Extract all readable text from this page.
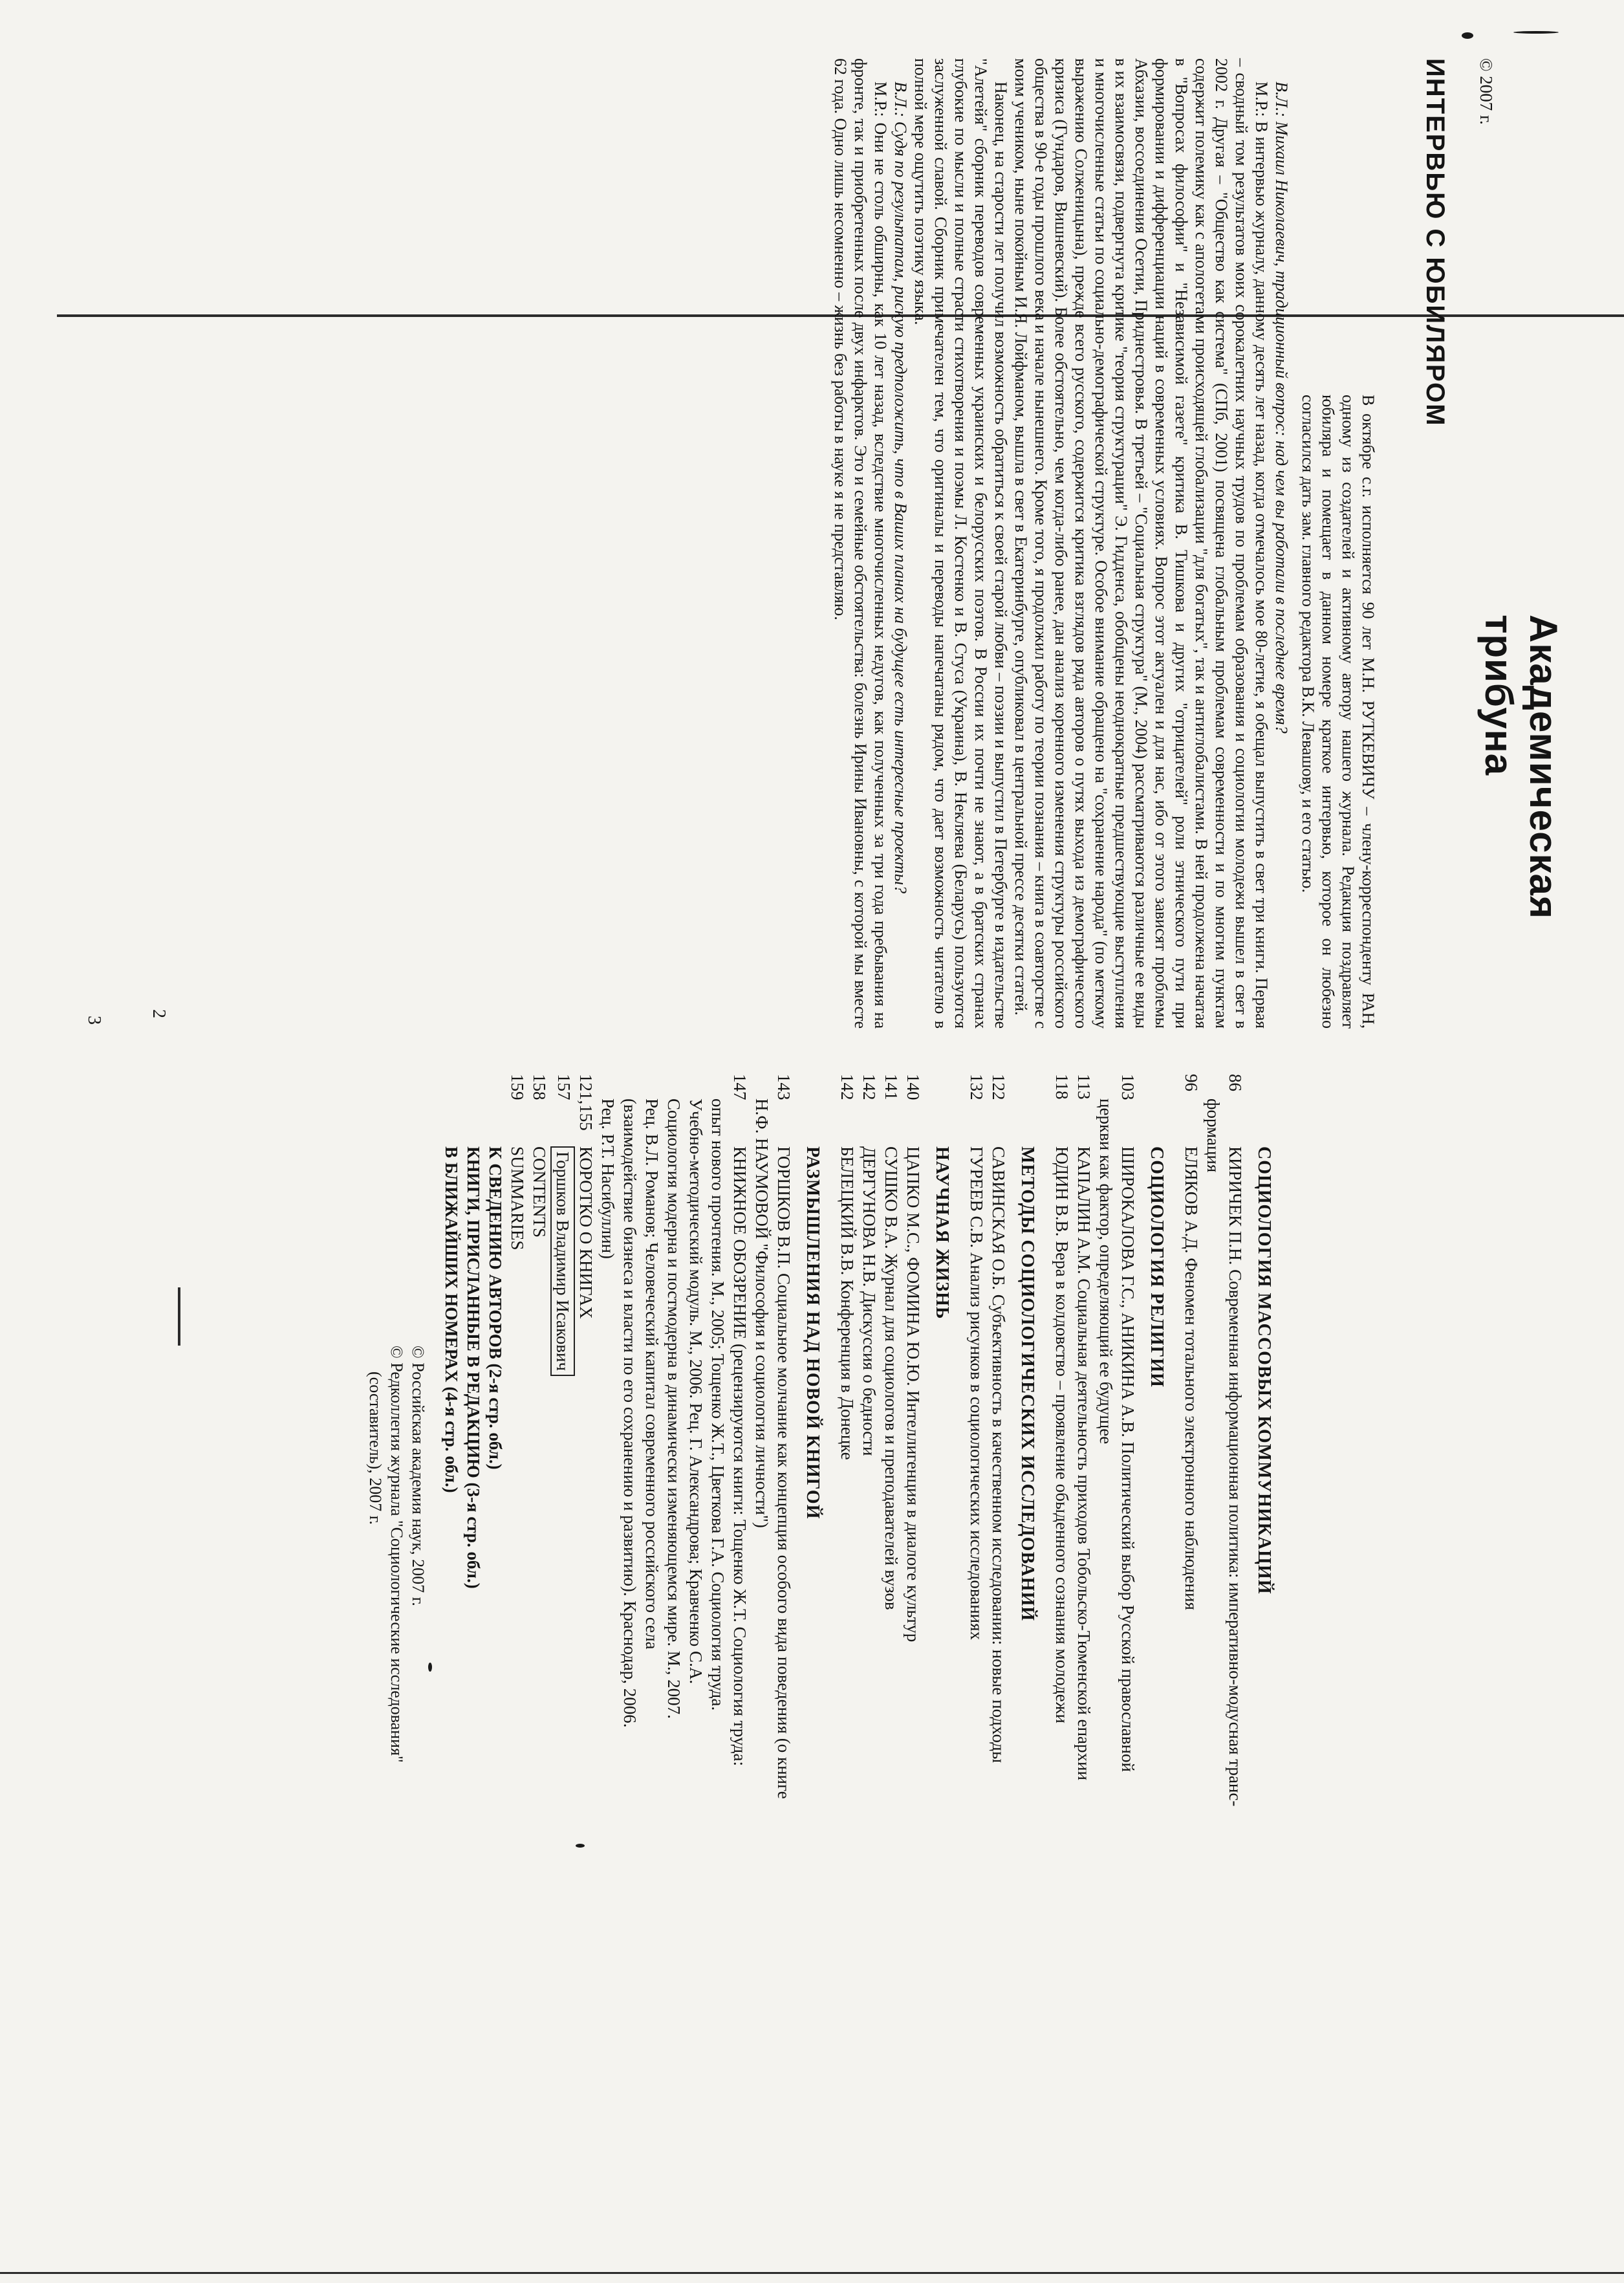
Академическая трибуна
© 2007 г.
ИНТЕРВЬЮ С ЮБИЛЯРОМ

В октябре с.г. исполняется 90 лет М.Н. РУТКЕВИЧУ – члену-корреспонденту РАН, одному из создателей и активному автору нашего журнала. Редакция поздравляет юбиляра и помещает в данном номере краткое интервью, которое он любезно согласился дать зам. главного редактора В.К. Левашову, и его статью.

В.Л.: Михаил Николаевич, традиционный вопрос: над чем вы работали в последнее время?

М.Р.: В интервью журналу, данному десять лет назад, когда отмечалось мое 80-летие, я обещал выпустить в свет три книги. Первая – сводный том результатов моих сорокалетних научных трудов по проблемам образования и социологии молодежи вышел в свет в 2002 г. Другая – "Общество как система" (СПб, 2001) посвящена глобальным проблемам современности и по многим пунктам содержит полемику как с апологетами происходящей глобализации "для богатых", так и антиглобалистами. В ней продолжена начатая в "Вопросах философии" и "Независимой газете" критика В. Тишкова и других "отрицателей" роли этнического пути при формировании и дифференциации наций в современных условиях. Вопрос этот актуален и для нас, ибо от этого зависят проблемы Абхазии, воссоединения Осетии, Приднестровья. В третьей – "Социальная структура" (М., 2004) рассматриваются различные ее виды в их взаимосвязи, подвергнута критике "теория структурации" Э. Гидденса, обобщены неоднократные предшествующие выступления и многочисленные статьи по социально-демографической структуре. Особое внимание обращено на "сохранение народа" (по меткому выражению Солженицына), прежде всего русского, содержится критика взглядов ряда авторов о путях выхода из демографического кризиса (Гундаров, Вишневский). Более обстоятельно, чем когда-либо ранее, дан анализ коренного изменения структуры российского общества в 90-е годы прошлого века и начале нынешнего. Кроме того, я продолжил работу по теории познания – книга в соавторстве с моим учеником, ныне покойным И.Я. Лойфманом, вышла в свет в Екатеринбурге, опубликовал в центральной прессе десятки статей.

Наконец, на старости лет получил возможность обратиться к своей старой любви – поэзии и выпустил в Петербурге в издательстве "Алетейя" сборник переводов современных украинских и белорусских поэтов. В России их почти не знают, а в братских странах глубокие по мысли и полные страсти стихотворения и поэмы Л. Костенко и В. Стуса (Украина), В. Некляева (Беларусь) пользуются заслуженной славой. Сборник примечателен тем, что оригиналы и переводы напечатаны рядом, что дает возможность читателю в полной мере ощутить поэтику языка.

В.Л.: Судя по результатам, рискую предположить, что в Ваших планах на будущее есть интересные проекты?

М.Р.: Они не столь обширны, как 10 лет назад, вследствие многочисленных недугов, как полученных за три года пребывания на фронте, так и приобретенных после двух инфарктов. Это и семейные обстоятельства: болезнь Ирины Ивановны, с которой мы вместе 62 года. Одно лишь несомненно – жизнь без работы в науке я не представляю.

3
СОЦИОЛОГИЯ МАССОВЫХ КОММУНИКАЦИЙ
86
КИРИЧЕК П.Н. Современная информационная политика: императивно-модусная транс-
формация
96
ЕЛЯКОВ А.Д. Феномен тотального электронного наблюдения
СОЦИОЛОГИЯ РЕЛИГИИ
103
ШИРОКАЛОВА Г.С., АНИКИНА А.В. Политический выбор Русской православной
церкви как фактор, определяющий ее будущее
113
КАПАЛИН А.М. Социальная деятельность приходов Тобольско-Тюменской епархии
118
ЮДИН В.В. Вера в колдовство – проявление обыденного сознания молодежи
МЕТОДЫ СОЦИОЛОГИЧЕСКИХ ИССЛЕДОВАНИЙ
122
САВИНСКАЯ О.Б. Субъективность в качественном исследовании: новые подходы
132
ГУРЕЕВ С.В. Анализ рисунков в социологических исследованиях
НАУЧНАЯ ЖИЗНЬ
140
ЦАПКО М.С., ФОМИНА Ю.Ю. Интеллигенция в диалоге культур
141
СУШКО В.А. Журнал для социологов и преподавателей вузов
142
ДЕРГУНОВА Н.В. Дискуссия о бедности
142
БЕЛЕЦКИЙ В.В. Конференция в Донецке
РАЗМЫШЛЕНИЯ НАД НОВОЙ КНИГОЙ
143
ГОРШКОВ В.П. Социальное молчание как концепция особого вида поведения (о книге
Н.Ф. НАУМОВОЙ "Философия и социология личности")
147
КНИЖНОЕ ОБОЗРЕНИЕ (рецензируются книги: Тощенко Ж.Т. Социология труда:
опыт нового прочтения. М., 2005; Тощенко Ж.Т., Цветкова Г.А. Социология труда.
Учебно-методический модуль. М., 2006. Рец. Г. Александрова; Кравченко С.А.
Социология модерна и постмодерна в динамически изменяющемся мире. М., 2007.
Рец. В.Л. Романов; Человеческий капитал современного российского села
(взаимодействие бизнеса и власти по его сохранению и развитию). Краснодар, 2006.
Рец. Р.Т. Насибуллин)
121,155
КОРОТКО О КНИГАХ
157
Горшков Владимир Исакович
158
CONTENTS
159
SUMMARIES
К СВЕДЕНИЮ АВТОРОВ (2-я стр. обл.)
КНИГИ, ПРИСЛАННЫЕ В РЕДАКЦИЮ (3-я стр. обл.)
В БЛИЖАЙШИХ НОМЕРАХ (4-я стр. обл.)
© Российская академия наук, 2007 г.
© Редколлегия журнала "Социологические исследования"
(составитель), 2007 г.
2
